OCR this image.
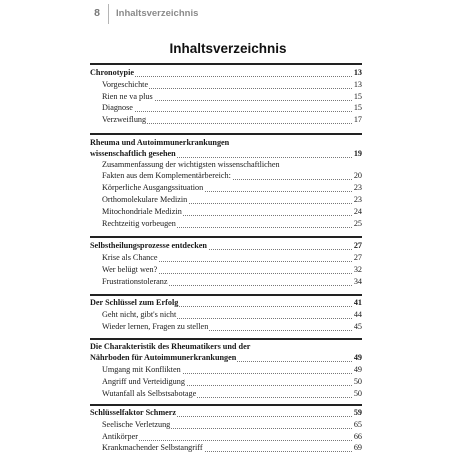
8	Inhaltsverzeichnis
Inhaltsverzeichnis
Chronotypie	13
Vorgeschichte	13
Rien ne va plus	15
Diagnose	15
Verzweiflung	17
Rheuma und Autoimmunerkrankungen
wissenschaftlich gesehen	19
Zusammenfassung der wichtigsten wissenschaftlichen
Fakten aus dem Komplementärbereich:	20
Körperliche Ausgangssituation	23
Orthomolekulare Medizin	23
Mitochondriale Medizin	24
Rechtzeitig vorbeugen	25
Selbstheilungsprozesse entdecken	27
Krise als Chance	27
Wer belügt wen?	32
Frustrationstoleranz	34
Der Schlüssel zum Erfolg	41
Geht nicht, gibt's nicht	44
Wieder lernen, Fragen zu stellen	45
Die Charakteristik des Rheumatikers und der
Nährboden für Autoimmunerkrankungen	49
Umgang mit Konflikten	49
Angriff und Verteidigung	50
Wutanfall als Selbstsabotage	50
Schlüsselfaktor Schmerz	59
Seelische Verletzung	65
Antikörper	66
Krankmachender Selbstangriff	69
